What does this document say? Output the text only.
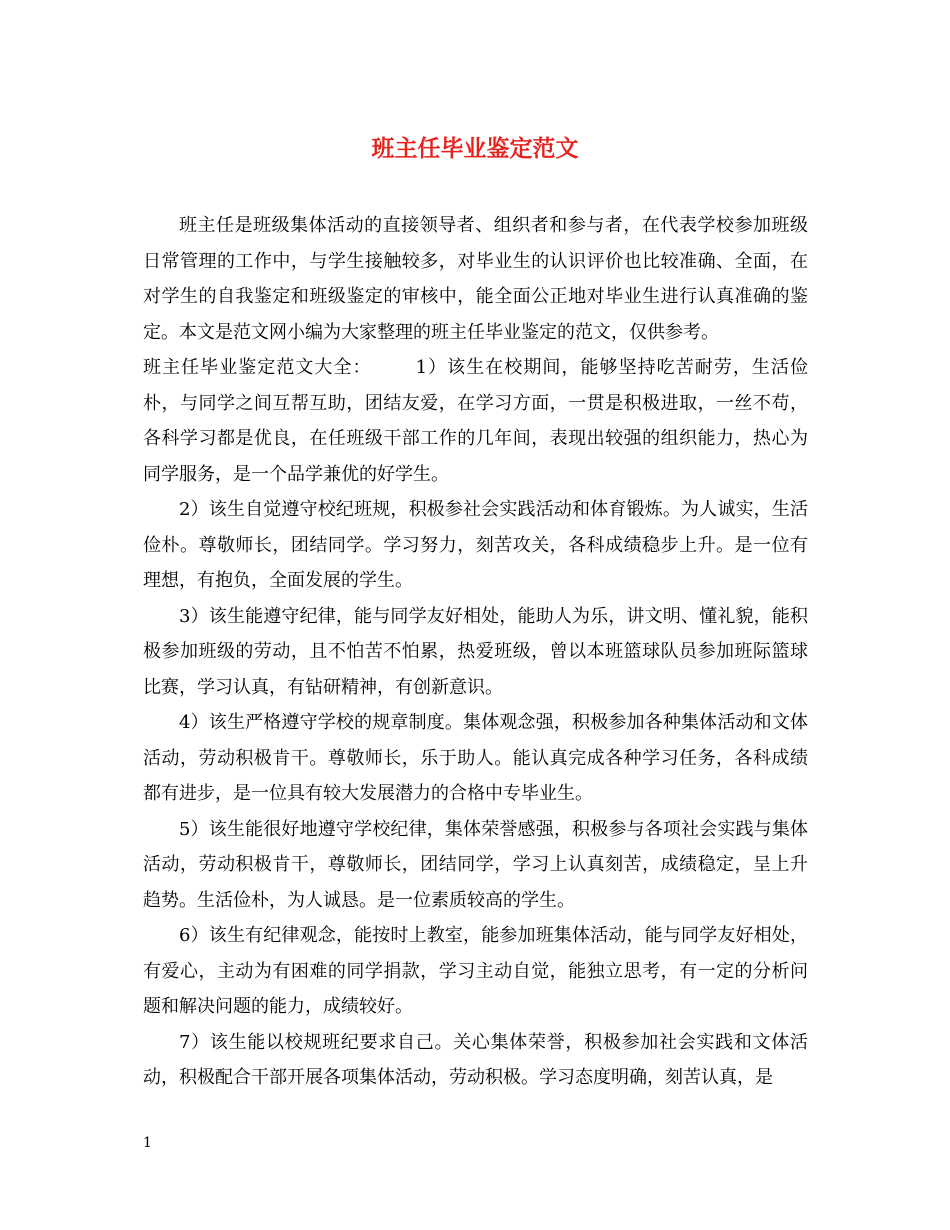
班主任毕业鉴定范文

班主任是班级集体活动的直接领导者、组织者和参与者，在代表学校参加班级日常管理的工作中，与学生接触较多，对毕业生的认识评价也比较准确、全面，在对学生的自我鉴定和班级鉴定的审核中，能全面公正地对毕业生进行认真准确的鉴定。本文是范文网小编为大家整理的班主任毕业鉴定的范文，仅供参考。

班主任毕业鉴定范文大全： 1）该生在校期间，能够坚持吃苦耐劳，生活俭朴，与同学之间互帮互助，团结友爱，在学习方面，一贯是积极进取，一丝不苟，各科学习都是优良，在任班级干部工作的几年间，表现出较强的组织能力，热心为同学服务，是一个品学兼优的好学生。

2）该生自觉遵守校纪班规，积极参社会实践活动和体育锻炼。为人诚实，生活俭朴。尊敬师长，团结同学。学习努力，刻苦攻关，各科成绩稳步上升。是一位有理想，有抱负，全面发展的学生。

3）该生能遵守纪律，能与同学友好相处，能助人为乐，讲文明、懂礼貌，能积极参加班级的劳动，且不怕苦不怕累，热爱班级，曾以本班篮球队员参加班际篮球比赛，学习认真，有钻研精神，有创新意识。

4）该生严格遵守学校的规章制度。集体观念强，积极参加各种集体活动和文体活动，劳动积极肯干。尊敬师长，乐于助人。能认真完成各种学习任务，各科成绩都有进步，是一位具有较大发展潜力的合格中专毕业生。

5）该生能很好地遵守学校纪律，集体荣誉感强，积极参与各项社会实践与集体活动，劳动积极肯干，尊敬师长，团结同学，学习上认真刻苦，成绩稳定，呈上升趋势。生活俭朴，为人诚恳。是一位素质较高的学生。

6）该生有纪律观念，能按时上教室，能参加班集体活动，能与同学友好相处，有爱心，主动为有困难的同学捐款，学习主动自觉，能独立思考，有一定的分析问题和解决问题的能力，成绩较好。

7）该生能以校规班纪要求自己。关心集体荣誉，积极参加社会实践和文体活动，积极配合干部开展各项集体活动，劳动积极。学习态度明确，刻苦认真，是

1
